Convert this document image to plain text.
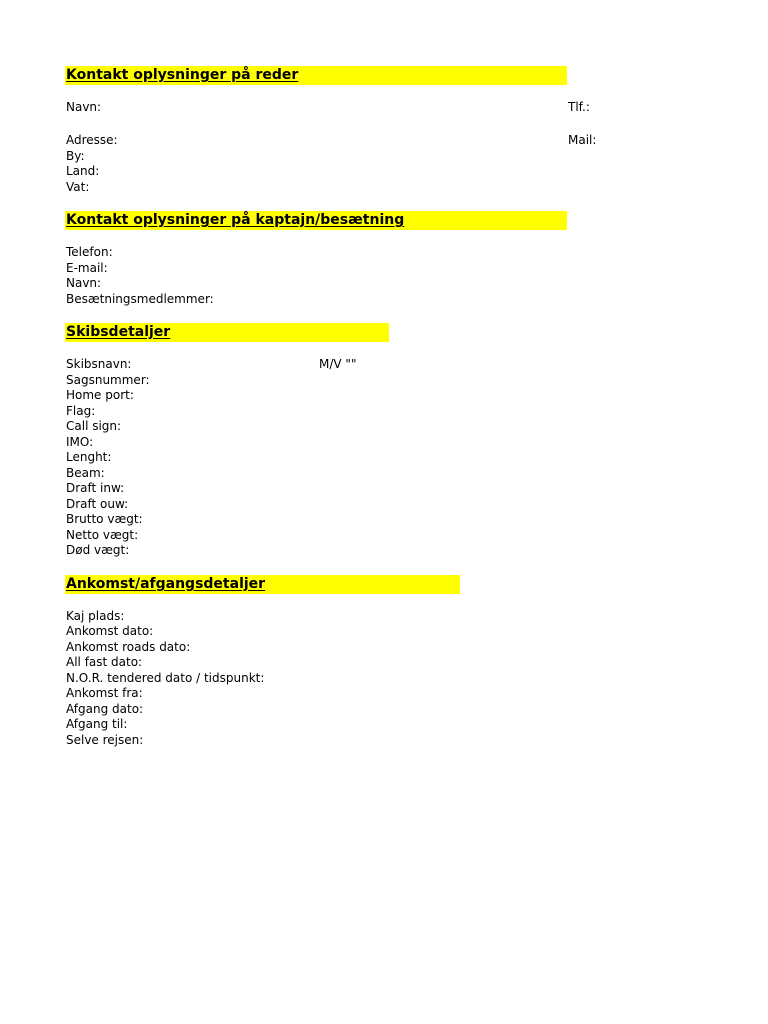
Kontakt oplysninger på reder
Navn:	Tlf.:
Adresse:	Mail:
By:
Land:
Vat:
Kontakt oplysninger på kaptajn/besætning
Telefon:
E-mail:
Navn:
Besætningsmedlemmer:
Skibsdetaljer
Skibsnavn:	M/V ""
Sagsnummer:
Home port:
Flag:
Call sign:
IMO:
Lenght:
Beam:
Draft inw:
Draft ouw:
Brutto vægt:
Netto vægt:
Død vægt:
Ankomst/afgangsdetaljer
Kaj plads:
Ankomst dato:
Ankomst roads dato:
All fast dato:
N.O.R. tendered dato / tidspunkt:
Ankomst fra:
Afgang dato:
Afgang til:
Selve rejsen:
